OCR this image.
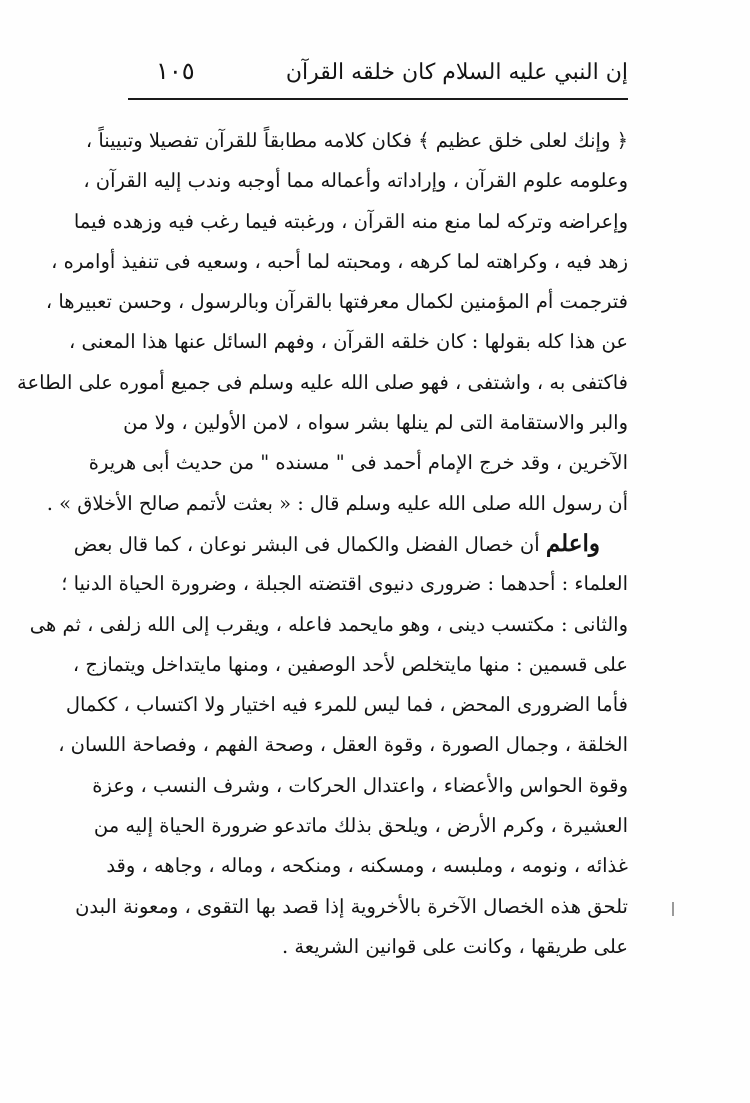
إن النبي عليه السلام كان خلقه القرآن
١٠٥
﴿ وإنك لعلى خلق عظيم ﴾ فكان كلامه مطابقاً للقرآن تفصيلا وتبييناً ،
وعلومه علوم القرآن ، وإراداته وأعماله مما أوجبه وندب إليه القرآن ،
وإعراضه وتركه لما منع منه القرآن ، ورغبته فيما رغب فيه وزهده فيما
زهد فيه ، وكراهته لما كرهه ، ومحبته لما أحبه ، وسعيه فى تنفيذ أوامره ،
فترجمت أم المؤمنين لكمال معرفتها بالقرآن وبالرسول ، وحسن تعبيرها ،
عن هذا كله بقولها : كان خلقه القرآن ، وفهم السائل عنها هذا المعنى ،
فاكتفى به ، واشتفى ، فهو صلى الله عليه وسلم فى جميع أموره على الطاعة
والبر والاستقامة التى لم ينلها بشر سواه ، لامن الأولين ، ولا من
الآخرين ، وقد خرج الإمام أحمد فى " مسنده " من حديث أبى هريرة
أن رسول الله صلى الله عليه وسلم قال : « بعثت لأتمم صالح الأخلاق » .
واعلم أن خصال الفضل والكمال فى البشر نوعان ، كما قال بعض
العلماء : أحدهما : ضرورى دنيوى اقتضته الجبلة ، وضرورة الحياة الدنيا ؛
والثانى : مكتسب دينى ، وهو مايحمد فاعله ، ويقرب إلى الله زلفى ، ثم هى
على قسمين : منها مايتخلص لأحد الوصفين ، ومنها مايتداخل ويتمازج ،
فأما الضرورى المحض ، فما ليس للمرء فيه اختيار ولا اكتساب ، ككمال
الخلقة ، وجمال الصورة ، وقوة العقل ، وصحة الفهم ، وفصاحة اللسان ،
وقوة الحواس والأعضاء ، واعتدال الحركات ، وشرف النسب ، وعزة
العشيرة ، وكرم الأرض ، ويلحق بذلك ماتدعو ضرورة الحياة إليه من
غذائه ، ونومه ، وملبسه ، ومسكنه ، ومنكحه ، وماله ، وجاهه ، وقد
تلحق هذه الخصال الآخرة بالأخروية إذا قصد بها التقوى ، ومعونة البدن
على طريقها ، وكانت على قوانين الشريعة .
